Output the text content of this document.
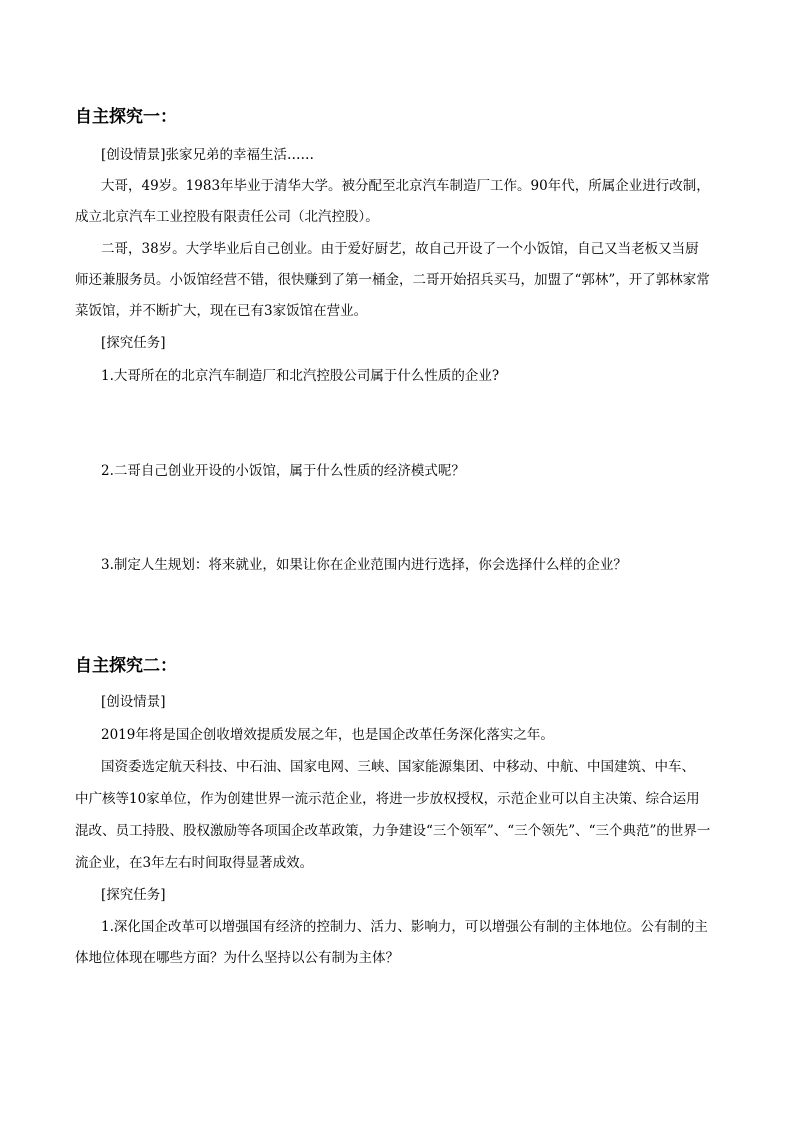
自主探究一：
[创设情景]张家兄弟的幸福生活……
大哥，49岁。1983年毕业于清华大学。被分配至北京汽车制造厂工作。90年代，所属企业进行改制，
成立北京汽车工业控股有限责任公司（北汽控股）。
二哥，38岁。大学毕业后自己创业。由于爱好厨艺，故自己开设了一个小饭馆，自己又当老板又当厨
师还兼服务员。小饭馆经营不错，很快赚到了第一桶金，二哥开始招兵买马，加盟了“郭林”，开了郭林家常
菜饭馆，并不断扩大，现在已有3家饭馆在营业。
[探究任务]
1.大哥所在的北京汽车制造厂和北汽控股公司属于什么性质的企业?
2.二哥自己创业开设的小饭馆，属于什么性质的经济模式呢？
3.制定人生规划：将来就业，如果让你在企业范围内进行选择，你会选择什么样的企业？
自主探究二：
[创设情景]
2019年将是国企创收增效提质发展之年，也是国企改革任务深化落实之年。
国资委选定航天科技、中石油、国家电网、三峡、国家能源集团、中移动、中航、中国建筑、中车、
中广核等10家单位，作为创建世界一流示范企业，将进一步放权授权，示范企业可以自主决策、综合运用
混改、员工持股、股权激励等各项国企改革政策，力争建设“三个领军”、“三个领先”、“三个典范”的世界一
流企业，在3年左右时间取得显著成效。
[探究任务]
1.深化国企改革可以增强国有经济的控制力、活力、影响力，可以增强公有制的主体地位。公有制的主
体地位体现在哪些方面？为什么坚持以公有制为主体？
